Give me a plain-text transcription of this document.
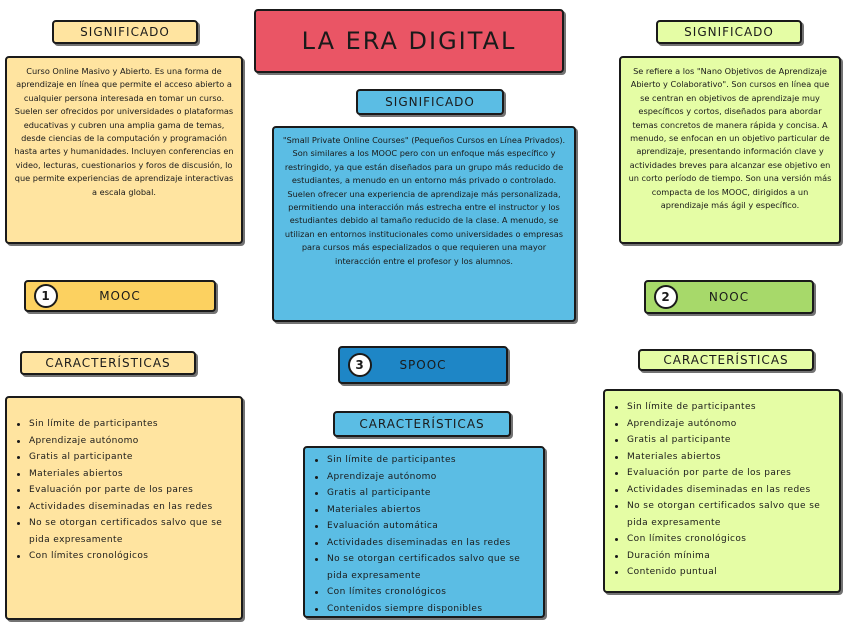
LA ERA DIGITAL
SIGNIFICADO
Curso Online Masivo y Abierto. Es una forma de aprendizaje en línea que permite el acceso abierto a cualquier persona interesada en tomar un curso. Suelen ser ofrecidos por universidades o plataformas educativas y cubren una amplia gama de temas, desde ciencias de la computación y programación hasta artes y humanidades. Incluyen conferencias en video, lecturas, cuestionarios y foros de discusión, lo que permite experiencias de aprendizaje interactivas a escala global.
1	MOOC
CARACTERÍSTICAS
Sin límite de participantes
Aprendizaje autónomo
Gratis al participante
Materiales abiertos
Evaluación por parte de los pares
Actividades diseminadas en las redes
No se otorgan certificados salvo que se pida expresamente
Con límites cronológicos
SIGNIFICADO
"Small Private Online Courses" (Pequeños Cursos en Línea Privados). Son similares a los MOOC pero con un enfoque más específico y restringido, ya que están diseñados para un grupo más reducido de estudiantes, a menudo en un entorno más privado o controlado.
Suelen ofrecer una experiencia de aprendizaje más personalizada, permitiendo una interacción más estrecha entre el instructor y los estudiantes debido al tamaño reducido de la clase. A menudo, se utilizan en entornos institucionales como universidades o empresas para cursos más especializados o que requieren una mayor interacción entre el profesor y los alumnos.
3	SPOOC
CARACTERÍSTICAS
Sin límite de participantes
Aprendizaje autónomo
Gratis al participante
Materiales abiertos
Evaluación automática
Actividades diseminadas en las redes
No se otorgan certificados salvo que se pida expresamente
Con límites cronológicos
Contenidos siempre disponibles
SIGNIFICADO
Se refiere a los "Nano Objetivos de Aprendizaje Abierto y Colaborativo". Son cursos en línea que se centran en objetivos de aprendizaje muy específicos y cortos, diseñados para abordar temas concretos de manera rápida y concisa. A menudo, se enfocan en un objetivo particular de aprendizaje, presentando información clave y actividades breves para alcanzar ese objetivo en un corto período de tiempo. Son una versión más compacta de los MOOC, dirigidos a un aprendizaje más ágil y específico.
2	NOOC
CARACTERÍSTICAS
Sin límite de participantes
Aprendizaje autónomo
Gratis al participante
Materiales abiertos
Evaluación por parte de los pares
Actividades diseminadas en las redes
No se otorgan certificados salvo que se pida expresamente
Con límites cronológicos
Duración mínima
Contenido puntual
